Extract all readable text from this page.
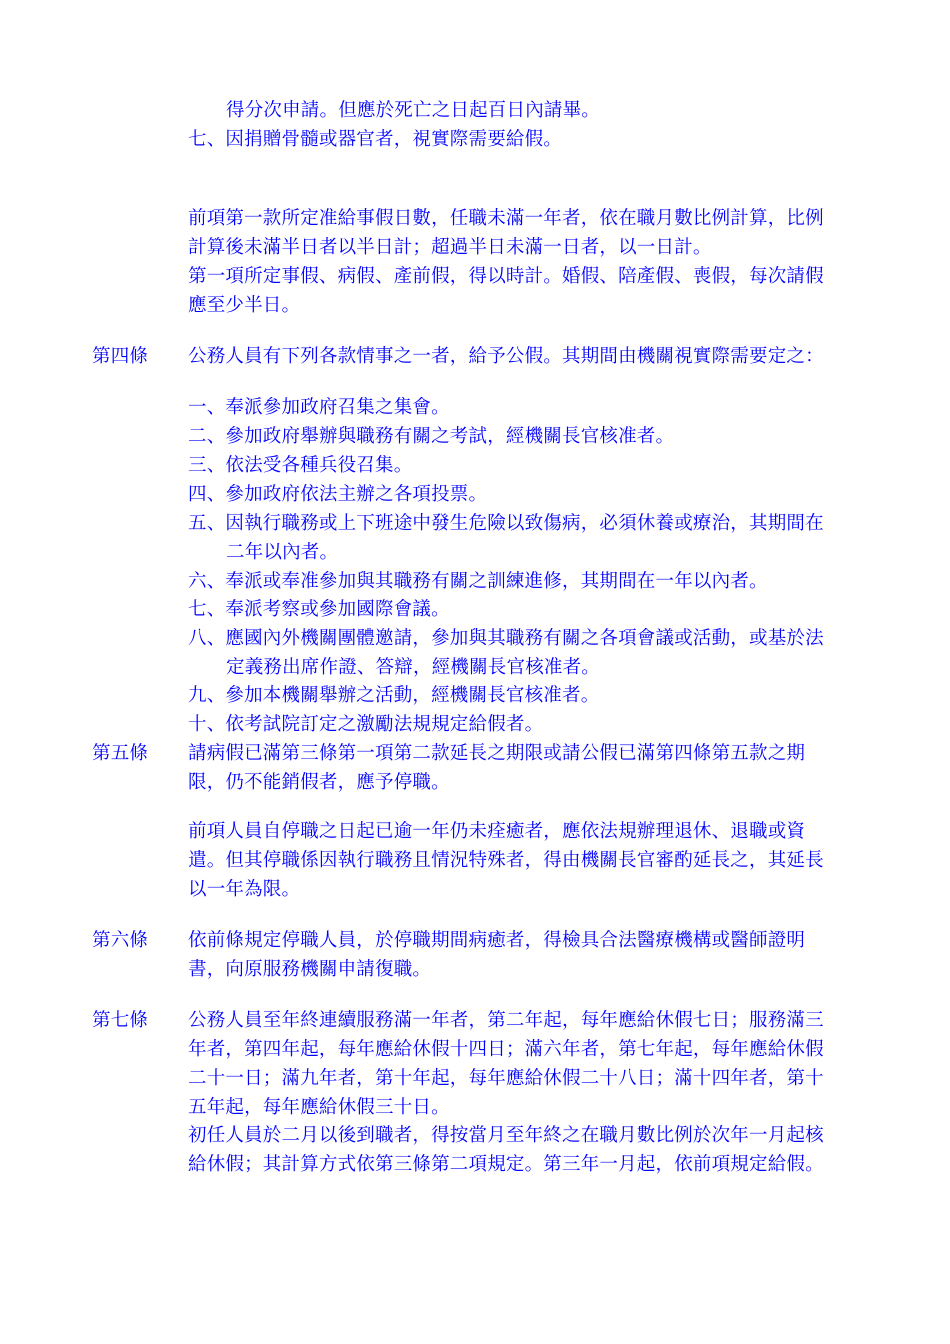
得分次申請。但應於死亡之日起百日內請畢。
七、因捐贈骨髓或器官者，視實際需要給假。
前項第一款所定准給事假日數，任職未滿一年者，依在職月數比例計算，比例
計算後未滿半日者以半日計；超過半日未滿一日者，以一日計。
第一項所定事假、病假、產前假，得以時計。婚假、陪產假、喪假，每次請假
應至少半日。
第四條 公務人員有下列各款情事之一者，給予公假。其期間由機關視實際需要定之：
一、奉派參加政府召集之集會。
二、參加政府舉辦與職務有關之考試，經機關長官核准者。
三、依法受各種兵役召集。
四、參加政府依法主辦之各項投票。
五、因執行職務或上下班途中發生危險以致傷病，必須休養或療治，其期間在
二年以內者。
六、奉派或奉准參加與其職務有關之訓練進修，其期間在一年以內者。
七、奉派考察或參加國際會議。
八、應國內外機關團體邀請，參加與其職務有關之各項會議或活動，或基於法
定義務出席作證、答辯，經機關長官核准者。
九、參加本機關舉辦之活動，經機關長官核准者。
十、依考試院訂定之激勵法規規定給假者。
第五條 請病假已滿第三條第一項第二款延長之期限或請公假已滿第四條第五款之期
限，仍不能銷假者，應予停職。
前項人員自停職之日起已逾一年仍未痊癒者，應依法規辦理退休、退職或資
遣。但其停職係因執行職務且情況特殊者，得由機關長官審酌延長之，其延長
以一年為限。
第六條 依前條規定停職人員，於停職期間病癒者，得檢具合法醫療機構或醫師證明
書，向原服務機關申請復職。
第七條 公務人員至年終連續服務滿一年者，第二年起，每年應給休假七日；服務滿三
年者，第四年起，每年應給休假十四日；滿六年者，第七年起，每年應給休假
二十一日；滿九年者，第十年起，每年應給休假二十八日；滿十四年者，第十
五年起，每年應給休假三十日。
初任人員於二月以後到職者，得按當月至年終之在職月數比例於次年一月起核
給休假；其計算方式依第三條第二項規定。第三年一月起，依前項規定給假。
